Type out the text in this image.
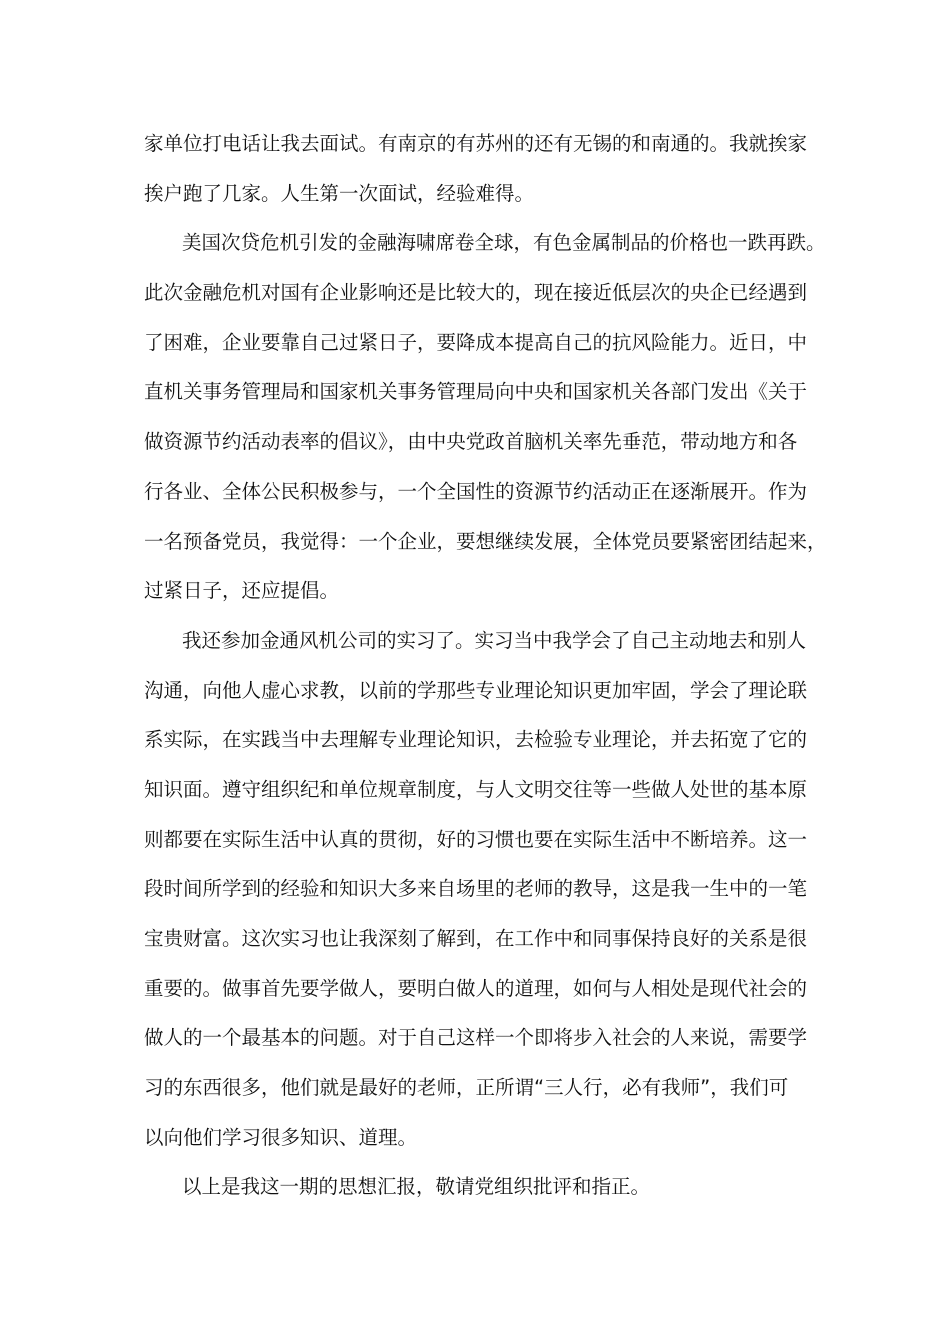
家单位打电话让我去面试。有南京的有苏州的还有无锡的和南通的。我就挨家
挨户跑了几家。人生第一次面试，经验难得。
美国次贷危机引发的金融海啸席卷全球，有色金属制品的价格也一跌再跌。
此次金融危机对国有企业影响还是比较大的，现在接近低层次的央企已经遇到
了困难，企业要靠自己过紧日子，要降成本提高自己的抗风险能力。近日，中
直机关事务管理局和国家机关事务管理局向中央和国家机关各部门发出《关于
做资源节约活动表率的倡议》，由中央党政首脑机关率先垂范，带动地方和各
行各业、全体公民积极参与，一个全国性的资源节约活动正在逐渐展开。作为
一名预备党员，我觉得：一个企业，要想继续发展，全体党员要紧密团结起来，
过紧日子，还应提倡。
我还参加金通风机公司的实习了。实习当中我学会了自己主动地去和别人
沟通，向他人虚心求教，以前的学那些专业理论知识更加牢固，学会了理论联
系实际，在实践当中去理解专业理论知识，去检验专业理论，并去拓宽了它的
知识面。遵守组织纪和单位规章制度，与人文明交往等一些做人处世的基本原
则都要在实际生活中认真的贯彻，好的习惯也要在实际生活中不断培养。这一
段时间所学到的经验和知识大多来自场里的老师的教导，这是我一生中的一笔
宝贵财富。这次实习也让我深刻了解到，在工作中和同事保持良好的关系是很
重要的。做事首先要学做人，要明白做人的道理，如何与人相处是现代社会的
做人的一个最基本的问题。对于自己这样一个即将步入社会的人来说，需要学
习的东西很多，他们就是最好的老师，正所谓“三人行，必有我师”，我们可
以向他们学习很多知识、道理。
以上是我这一期的思想汇报，敬请党组织批评和指正。
